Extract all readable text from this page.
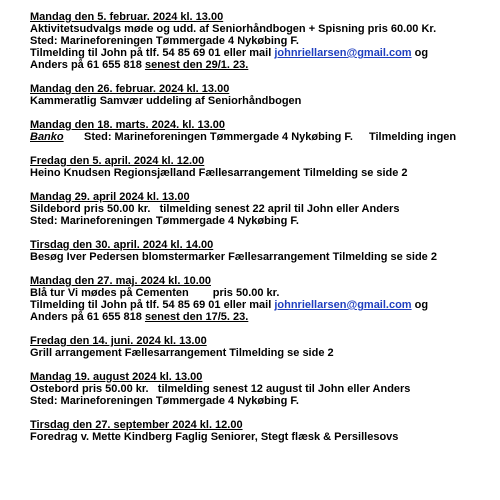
Mandag den 5. februar. 2024 kl. 13.00
Aktivitetsudvalgs møde og udd. af Seniorhåndbogen + Spisning pris 60.00 Kr.
Sted: Marineforeningen Tømmergade 4 Nykøbing F.
Tilmelding til John på tlf. 54 85 69 01 eller mail johnriellarsen@gmail.com og
Anders på 61 655 818 senest den 29/1. 23.
Mandag den 26. februar. 2024 kl. 13.00
Kammeratlig Samvær uddeling af Seniorhåndbogen
Mandag den 18. marts. 2024. kl. 13.00
Banko Sted: Marineforeningen Tømmergade 4 Nykøbing F. Tilmelding ingen
Fredag den 5. april. 2024 kl. 12.00
Heino Knudsen Regionsjælland Fællesarrangement Tilmelding se side 2
Mandag 29. april 2024 kl. 13.00
Sildebord pris 50.00 kr.   tilmelding senest 22 april til John eller Anders
Sted: Marineforeningen Tømmergade 4 Nykøbing F.
Tirsdag den 30. april. 2024 kl. 14.00
Besøg Iver Pedersen blomstermarker Fællesarrangement Tilmelding se side 2
Mandag den 27. maj. 2024 kl. 10.00
Blå tur Vi mødes på Cementen pris 50.00 kr.
Tilmelding til John på tlf. 54 85 69 01 eller mail johnriellarsen@gmail.com og
Anders på 61 655 818 senest den 17/5. 23.
Fredag den 14. juni. 2024 kl. 13.00
Grill arrangement Fællesarrangement Tilmelding se side 2
Mandag 19. august 2024 kl. 13.00
Ostebord pris 50.00 kr.   tilmelding senest 12 august til John eller Anders
Sted: Marineforeningen Tømmergade 4 Nykøbing F.
Tirsdag den 27. september 2024 kl. 12.00
Foredrag v. Mette Kindberg Faglig Seniorer, Stegt flæsk & Persillesovs
